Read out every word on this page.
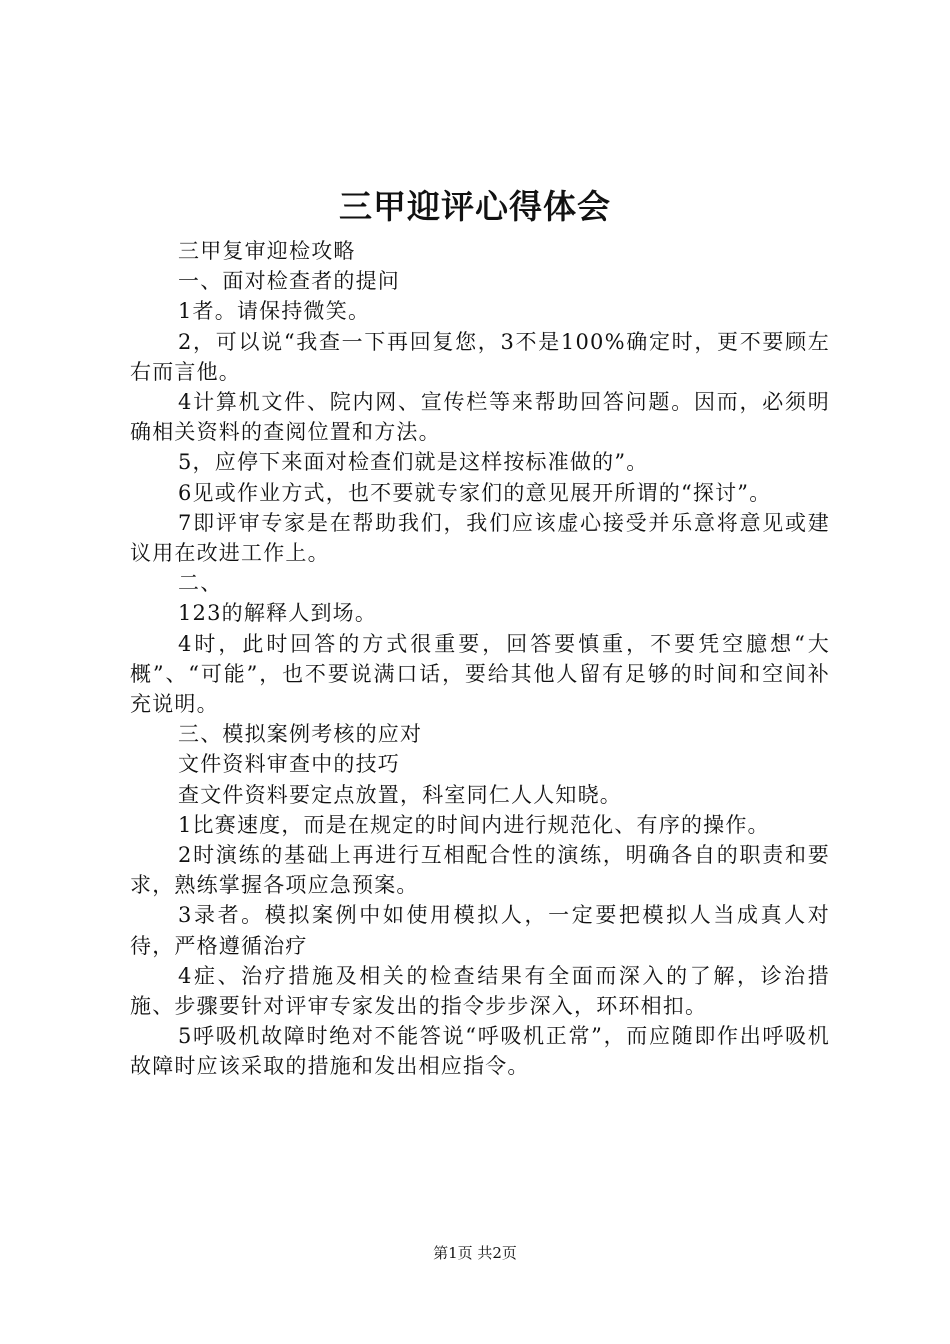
三甲迎评心得体会

三甲复审迎检攻略

一、面对检查者的提问

1者。请保持微笑。

2，可以说“我查一下再回复您，3不是100%确定时，更不要顾左右而言他。

4计算机文件、院内网、宣传栏等来帮助回答问题。因而，必须明确相关资料的查阅位置和方法。

5，应停下来面对检查们就是这样按标准做的”。

6见或作业方式，也不要就专家们的意见展开所谓的“探讨”。

7即评审专家是在帮助我们，我们应该虚心接受并乐意将意见或建议用在改进工作上。

二、

123的解释人到场。

4时，此时回答的方式很重要，回答要慎重，不要凭空臆想“大概”、“可能”，也不要说满口话，要给其他人留有足够的时间和空间补充说明。

三、模拟案例考核的应对

文件资料审查中的技巧

查文件资料要定点放置，科室同仁人人知晓。

1比赛速度，而是在规定的时间内进行规范化、有序的操作。

2时演练的基础上再进行互相配合性的演练，明确各自的职责和要求，熟练掌握各项应急预案。

3录者。模拟案例中如使用模拟人，一定要把模拟人当成真人对待，严格遵循治疗

4症、治疗措施及相关的检查结果有全面而深入的了解，诊治措施、步骤要针对评审专家发出的指令步步深入，环环相扣。

5呼吸机故障时绝对不能答说“呼吸机正常”，而应随即作出呼吸机故障时应该采取的措施和发出相应指令。

第1页 共2页
